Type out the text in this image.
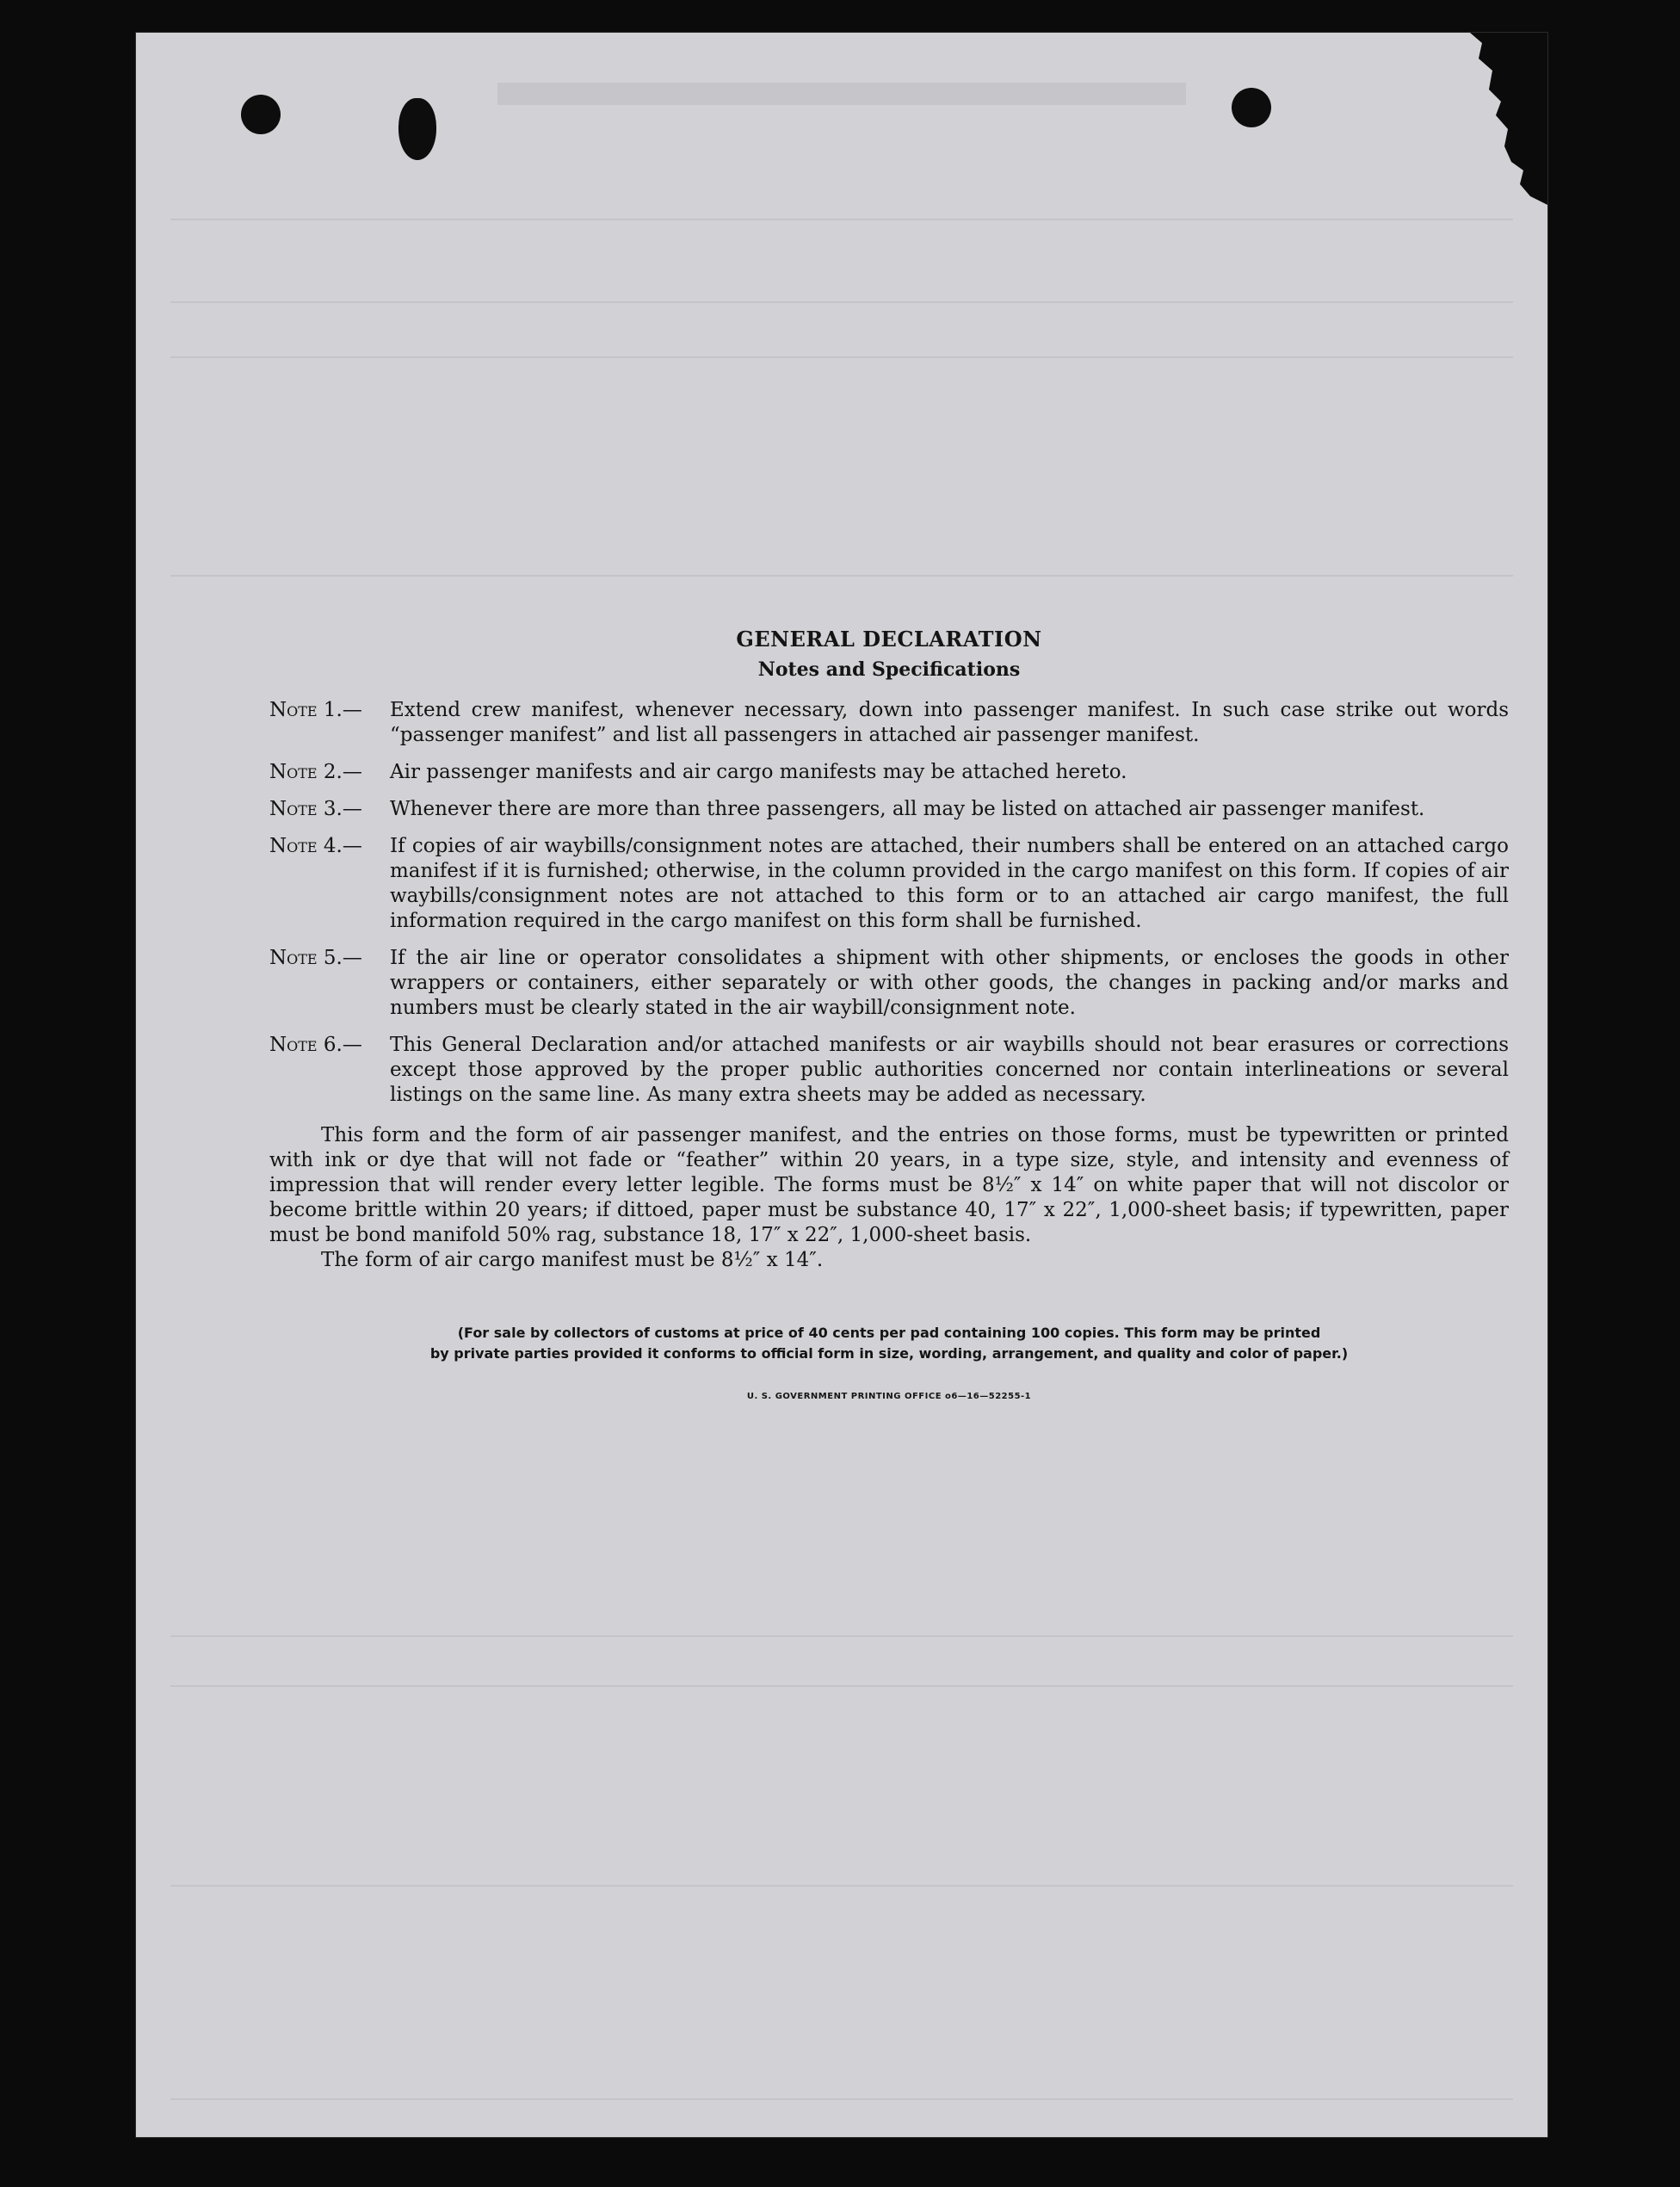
GENERAL DECLARATION
Notes and Specifications
Note 1.—	Extend crew manifest, whenever necessary, down into passenger manifest. In such case strike out words “passenger manifest” and list all passengers in attached air passenger manifest.
Note 2.—	Air passenger manifests and air cargo manifests may be attached hereto.
Note 3.—	Whenever there are more than three passengers, all may be listed on attached air passenger manifest.
Note 4.—	If copies of air waybills/consignment notes are attached, their numbers shall be entered on an attached cargo manifest if it is furnished; otherwise, in the column provided in the cargo manifest on this form. If copies of air waybills/consignment notes are not attached to this form or to an attached air cargo manifest, the full information required in the cargo manifest on this form shall be furnished.
Note 5.—	If the air line or operator consolidates a shipment with other shipments, or encloses the goods in other wrappers or containers, either separately or with other goods, the changes in packing and/or marks and numbers must be clearly stated in the air waybill/consignment note.
Note 6.—	This General Declaration and/or attached manifests or air waybills should not bear erasures or corrections except those approved by the proper public authorities concerned nor contain interlineations or several listings on the same line. As many extra sheets may be added as necessary.
This form and the form of air passenger manifest, and the entries on those forms, must be typewritten or printed with ink or dye that will not fade or “feather” within 20 years, in a type size, style, and intensity and evenness of impression that will render every letter legible. The forms must be 8½″ x 14″ on white paper that will not discolor or become brittle within 20 years; if dittoed, paper must be substance 40, 17″ x 22″, 1,000-sheet basis; if typewritten, paper must be bond manifold 50% rag, substance 18, 17″ x 22″, 1,000-sheet basis.
The form of air cargo manifest must be 8½″ x 14″.
(For sale by collectors of customs at price of 40 cents per pad containing 100 copies. This form may be printed
by private parties provided it conforms to official form in size, wording, arrangement, and quality and color of paper.)
U. S. GOVERNMENT PRINTING OFFICE o6—16—52255-1
